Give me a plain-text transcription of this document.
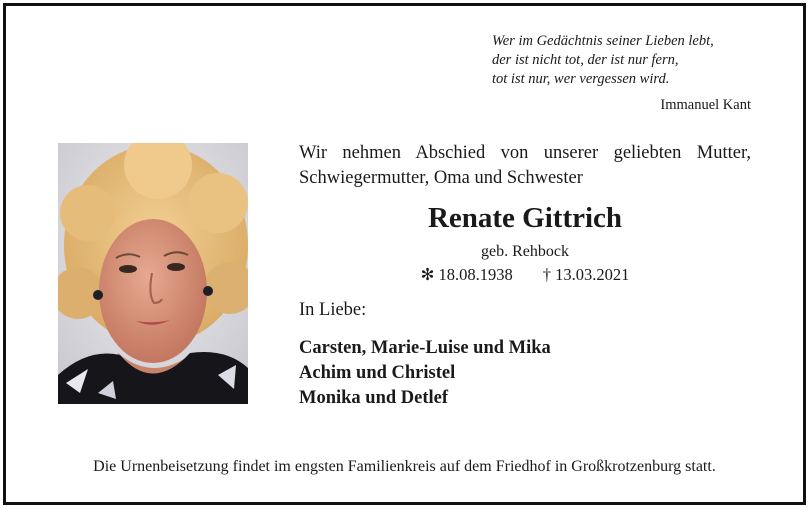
Wer im Gedächtnis seiner Lieben lebt,
der ist nicht tot, der ist nur fern,
tot ist nur, wer vergessen wird.
Immanuel Kant
Wir nehmen Abschied von unserer geliebten Mutter, Schwiegermutter, Oma und Schwester
Renate Gittrich
geb. Rehbock
✻ 18.08.1938 † 13.03.2021
In Liebe:
Carsten, Marie-Luise und Mika
Achim und Christel
Monika und Detlef
Die Urnenbeisetzung findet im engsten Familienkreis auf dem Friedhof in Großkrotzenburg statt.
